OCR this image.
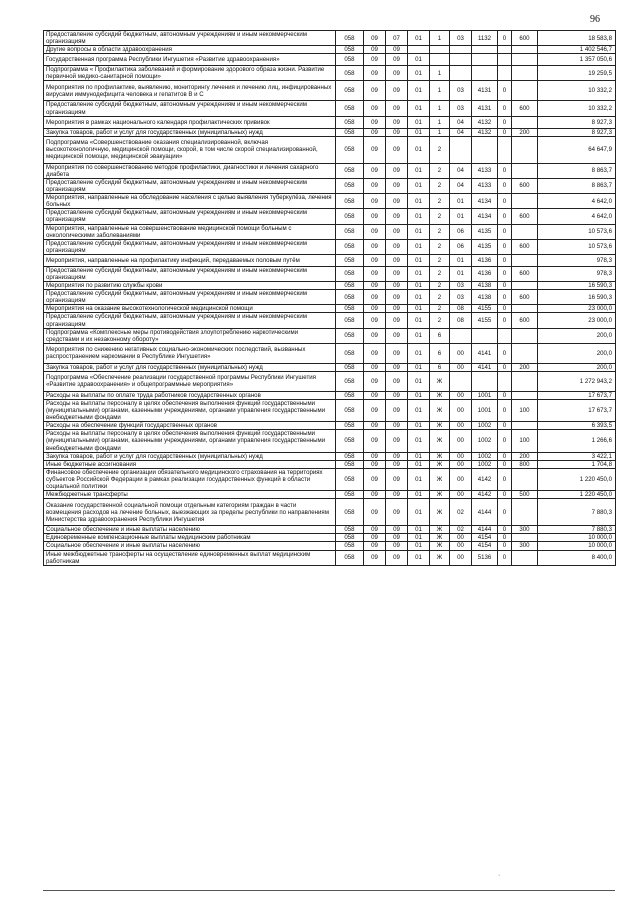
96
Предоставление субсидий бюджетным, автономным учреждениям и иным некоммерческим организациям	058	09	07	01	1	03	1132	0	600	18 583,8
Другие вопросы в области здравоохранения	058	09	09							1 402 546,7
Государственная программа Республики Ингушетия «Развитие здравоохранения»	058	09	09	01						1 357 050,6
Подпрограмма « Профилактика заболеваний и формирование здорового образа жизни. Развитие первичной медико-санитарной помощи»	058	09	09	01	1					19 259,5
Мероприятия по профилактике, выявлению, мониторингу лечения и лечению лиц, инфицированных вирусами иммунодефицита человека и гепатитов В и С	058	09	09	01	1	03	4131	0		10 332,2
Предоставление субсидий бюджетным, автономным учреждениям и иным некоммерческим организациям	058	09	09	01	1	03	4131	0	600	10 332,2
Мероприятия в рамках национального календаря профилактических прививок	058	09	09	01	1	04	4132	0		8 927,3
Закупка товаров, работ и услуг для государственных (муниципальных) нужд	058	09	09	01	1	04	4132	0	200	8 927,3
Подпрограмма «Совершенствование оказания специализированной, включая высокотехнологичную, медицинской помощи, скорой, в том числе скорой специализированной, медицинской помощи, медицинской эвакуации»	058	09	09	01	2					64 647,9
Мероприятия по совершенствованию методов профилактики, диагностики и лечения сахарного диабета	058	09	09	01	2	04	4133	0		8 863,7
Предоставление субсидий бюджетным, автономным учреждениям и иным некоммерческим организациям	058	09	09	01	2	04	4133	0	600	8 863,7
Мероприятия, направленные на обследование населения с целью выявления туберкулёза, лечения больных	058	09	09	01	2	01	4134	0		4 642,0
Предоставление субсидий бюджетным, автономным учреждениям и иным некоммерческим организациям	058	09	09	01	2	01	4134	0	600	4 642,0
Мероприятия, направленные на совершенствование медицинской помощи больным с онкологическими заболеваниями	058	09	09	01	2	06	4135	0		10 573,6
Предоставление субсидий бюджетным, автономным учреждениям и иным некоммерческим организациям	058	09	09	01	2	06	4135	0	600	10 573,6
Мероприятия, направленные на профилактику инфекций, передаваемых половым путём	058	09	09	01	2	01	4136	0		978,3
Предоставление субсидий бюджетным, автономным учреждениям и иным некоммерческим организациям	058	09	09	01	2	01	4136	0	600	978,3
Мероприятия по развитию службы крови	058	09	09	01	2	03	4138	0		16 590,3
Предоставление субсидий бюджетным, автономным учреждениям и иным некоммерческим организациям	058	09	09	01	2	03	4138	0	600	16 590,3
Мероприятия на оказание высокотехнологической медицинской помощи	058	09	09	01	2	08	4155	0		23 000,0
Предоставление субсидий бюджетным, автономным учреждениям и иным некоммерческим организациям	058	09	09	01	2	08	4155	0	600	23 000,0
Подпрограмма «Комплексные меры противодействия злоупотреблению наркотическими средствами и их незаконному обороту»	058	09	09	01	6					200,0
Мероприятия по снижению негативных социально-экономических последствий, вызванных распространением наркомании в Республике Ингушетия»	058	09	09	01	6	00	4141	0		200,0
Закупка товаров, работ и услуг для государственных (муниципальных) нужд	058	09	09	01	6	00	4141	0	200	200,0
Подпрограмма «Обеспечение реализации государственной программы Республики Ингушетия «Развитие здравоохранения» и общепрограммные мероприятия»	058	09	09	01	Ж					1 272 943,2
Расходы на выплаты по оплате труда работников государственных органов	058	09	09	01	Ж	00	1001	0		17 673,7
Расходы на выплаты персоналу в целях обеспечения выполнения функций государственными (муниципальными) органами, казенными учреждениями, органами управления государственными внебюджетными фондами	058	09	09	01	Ж	00	1001	0	100	17 673,7
Расходы на обеспечение функций государственных органов	058	09	09	01	Ж	00	1002	0		6 393,5
Расходы на выплаты персоналу в целях обеспечения выполнения функций государственными (муниципальными) органами, казенными учреждениями, органами управления государственными внебюджетными фондами	058	09	09	01	Ж	00	1002	0	100	1 266,6
Закупка товаров, работ и услуг для государственных (муниципальных) нужд	058	09	09	01	Ж	00	1002	0	200	3 422,1
Иные бюджетные ассигнования	058	09	09	01	Ж	00	1002	0	800	1 704,8
Финансовое обеспечение организации обязательного медицинского страхования на территориях субъектов Российской Федерации в рамках реализации государственных функций в области социальной политики	058	09	09	01	Ж	00	4142	0		1 220 450,0
Межбюджетные трансферты	058	09	09	01	Ж	00	4142	0	500	1 220 450,0
Оказание государственной социальной помощи отдельным категориям граждан в части возмещения расходов на лечение больных, выезжающих за пределы республики по направлениям Министерства здравоохранения Республики Ингушетия	058	09	09	01	Ж	02	4144	0		7 880,3
Социальное обеспечение и иные выплаты населению	058	09	09	01	Ж	02	4144	0	300	7 880,3
Единовременные компенсационные выплаты медицинским работникам	058	09	09	01	Ж	00	4154	0		10 000,0
Социальное обеспечение и иные выплаты населению	058	09	09	01	Ж	00	4154	0	300	10 000,0
Иные межбюджетные трансферты на осуществление единовременных выплат медицинским работникам	058	09	09	01	Ж	00	5136	0		8 400,0
·
